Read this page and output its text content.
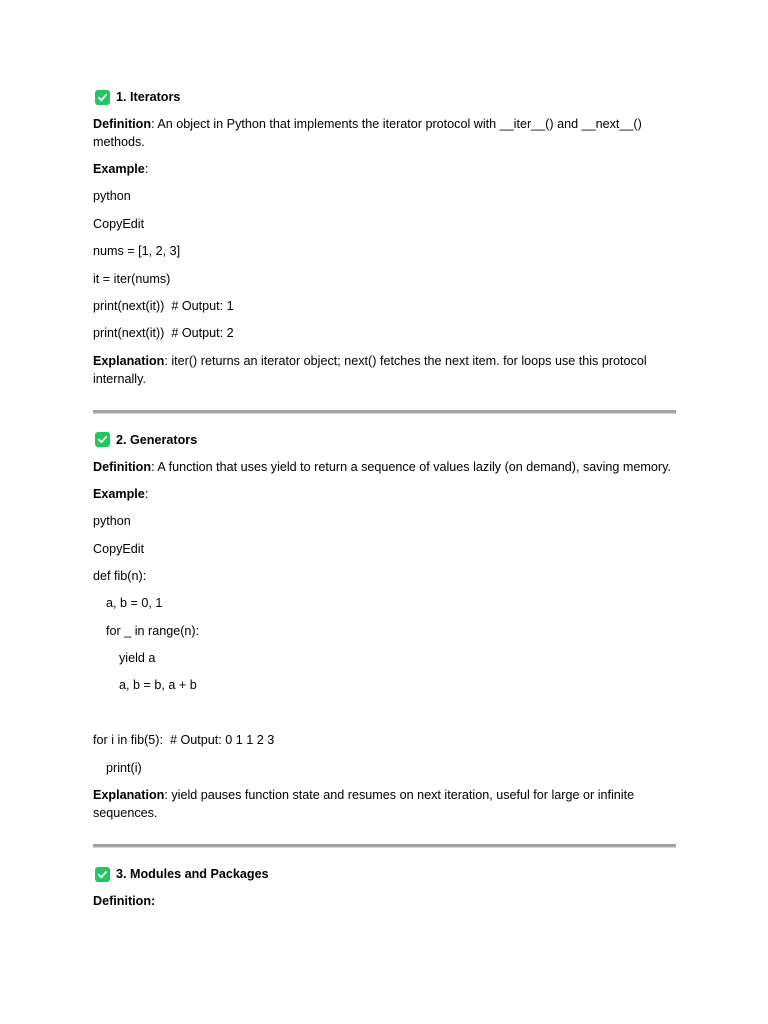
1. Iterators
Definition: An object in Python that implements the iterator protocol with __iter__() and __next__() methods.
Example:
python
CopyEdit
nums = [1, 2, 3]
it = iter(nums)
print(next(it))  # Output: 1
print(next(it))  # Output: 2
Explanation: iter() returns an iterator object; next() fetches the next item. for loops use this protocol internally.
2. Generators
Definition: A function that uses yield to return a sequence of values lazily (on demand), saving memory.
Example:
python
CopyEdit
def fib(n):
a, b = 0, 1
for _ in range(n):
yield a
a, b = b, a + b
for i in fib(5):  # Output: 0 1 1 2 3
print(i)
Explanation: yield pauses function state and resumes on next iteration, useful for large or infinite sequences.
3. Modules and Packages
Definition:
